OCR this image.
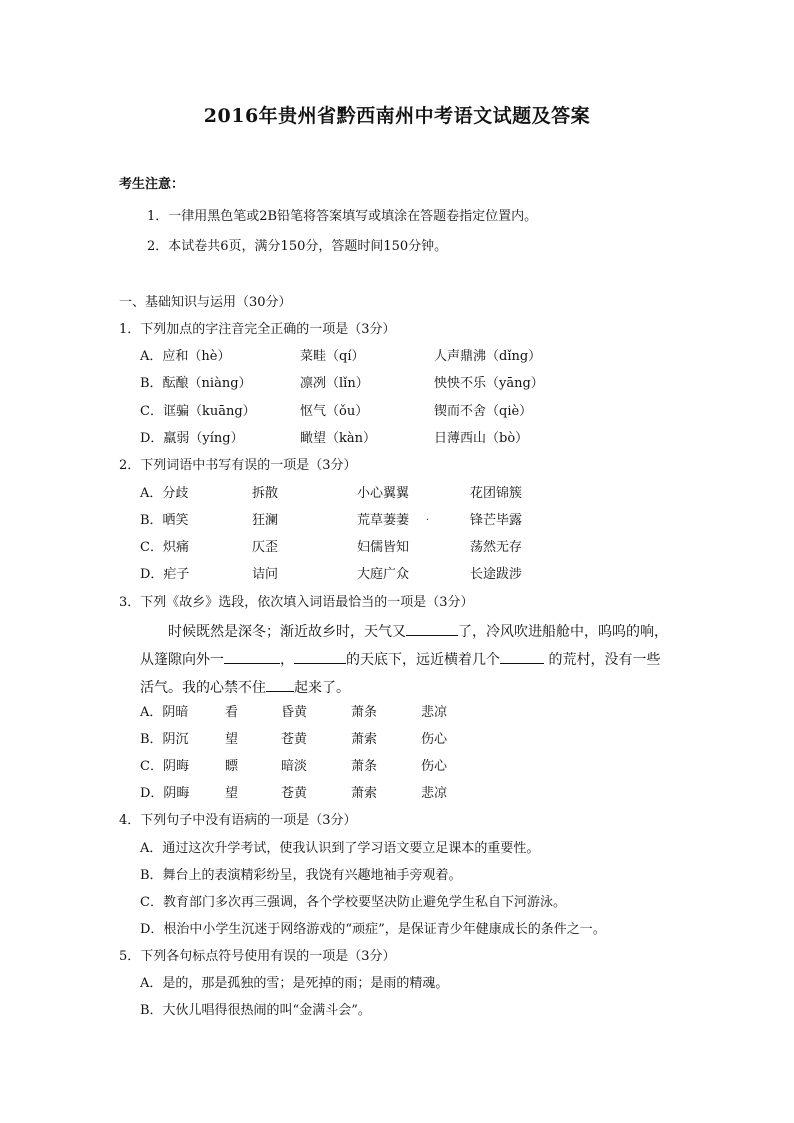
2016年贵州省黔西南州中考语文试题及答案
考生注意：
1．一律用黑色笔或2B铅笔将答案填写或填涂在答题卷指定位置内。
2．本试卷共6页，满分150分，答题时间150分钟。
一、基础知识与运用（30分）
1．下列加点的字注音完全正确的一项是（3分）
A．应和（hè）	菜畦（qí）	人声鼎沸（dǐng）
B．酝酿（niàng）	凛冽（lǐn）	怏怏不乐（yāng）
C．诓骗（kuāng）	怄气（ǒu）	锲而不舍（qiè）
D．羸弱（yíng）	瞰望（kàn）	日薄西山（bò）
2．下列词语中书写有误的一项是（3分）
A．分歧	拆散	小心翼翼	花团锦簇
B．哂笑	狂澜	荒草萋萋 .	锋芒毕露
C．炽痛	仄歪	妇儒皆知	荡然无存
D．疟子	诘问	大庭广众	长途跋涉
3．下列《故乡》选段，依次填入词语最恰当的一项是（3分）
时候既然是深冬；渐近故乡时，天气又	了，冷风吹进船舱中，呜呜的响，
从篷隙向外一	，	的天底下，远近横着几个	的荒村，没有一些
活气。我的心禁不住 起来了。
A．阴暗	看	昏黄	萧条	悲凉
B．阴沉	望	苍黄	萧索	伤心
C．阴晦	瞟	暗淡	萧条	伤心
D．阴晦	望	苍黄	萧索	悲凉
4．下列句子中没有语病的一项是（3分）
A．通过这次升学考试，使我认识到了学习语文要立足课本的重要性。
B．舞台上的表演精彩纷呈，我饶有兴趣地袖手旁观着。
C．教育部门多次再三强调，各个学校要坚决防止避免学生私自下河游泳。
D．根治中小学生沉迷于网络游戏的“顽症”，是保证青少年健康成长的条件之一。
5．下列各句标点符号使用有误的一项是（3分）
A．是的，那是孤独的雪；是死掉的雨；是雨的精魂。
B．大伙儿唱得很热闹的叫“金满斗会”。
